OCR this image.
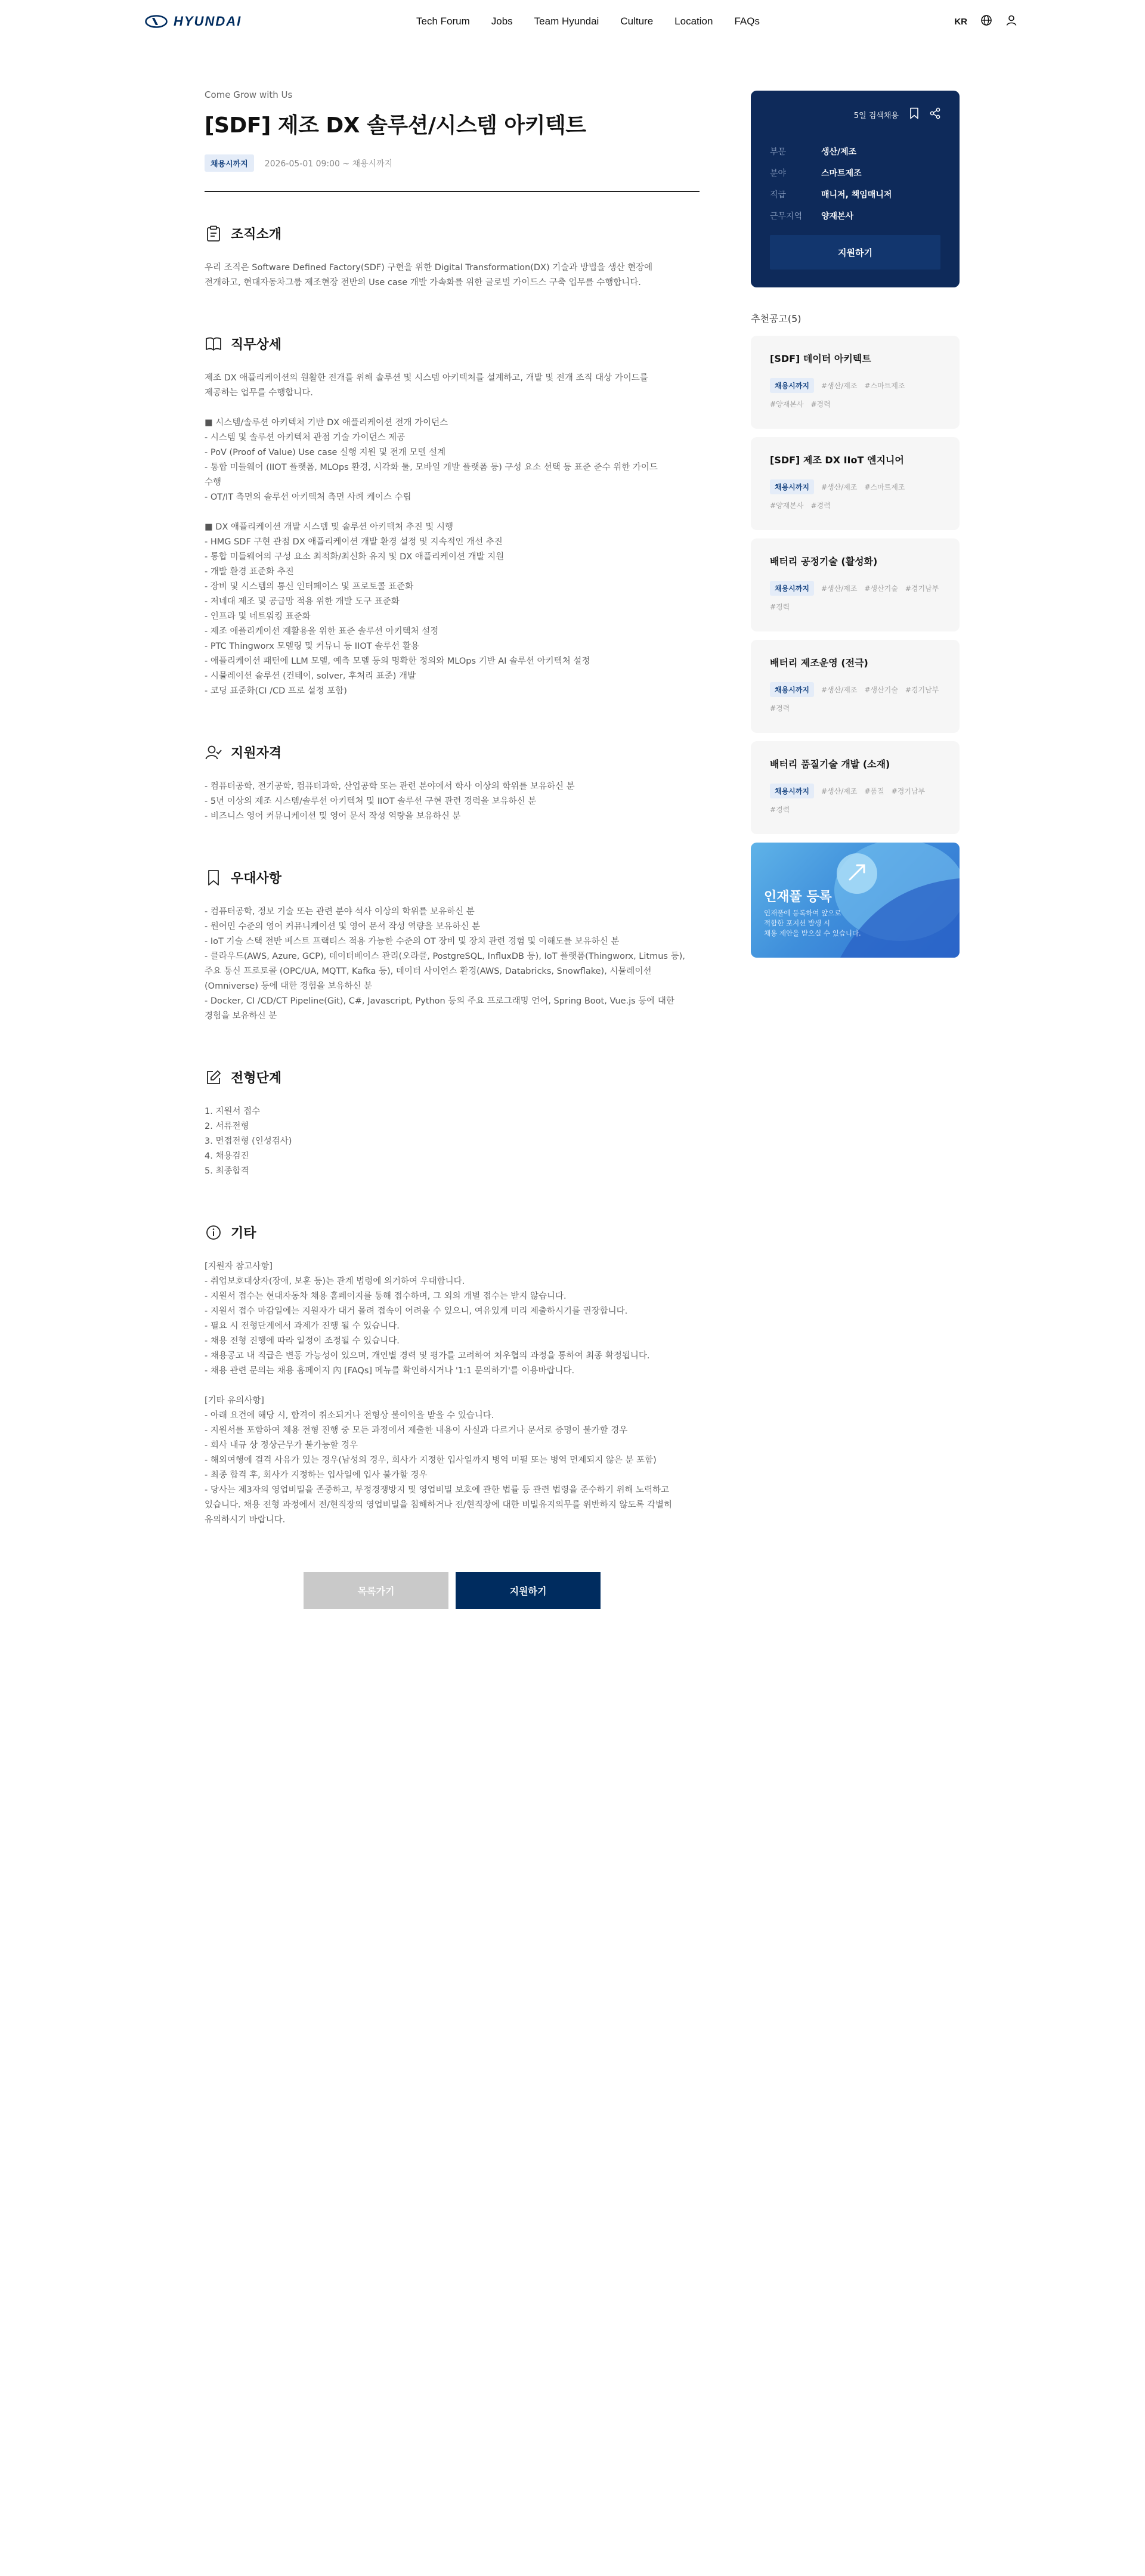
HYUNDAI	Tech Forum Jobs Team Hyundai Culture Location FAQs	KR
Come Grow with Us
[SDF] 제조 DX 솔루션/시스템 아키텍트
채용시까지	2026-05-01 09:00 ~ 채용시까지
조직소개

우리 조직은 Software Defined Factory(SDF) 구현을 위한 Digital Transformation(DX) 기술과 방법을 생산 현장에
전개하고, 현대자동차그룹 제조현장 전반의 Use case 개발 가속화를 위한 글로벌 가이드스 구축 업무를 수행합니다.

직무상세

제조 DX 애플리케이션의 원활한 전개를 위해 솔루션 및 시스템 아키텍처를 설계하고, 개발 및 전개 조직 대상 가이드를
제공하는 업무를 수행합니다.

■ 시스템/솔루션 아키텍처 기반 DX 애플리케이션 전개 가이던스
- 시스템 및 솔루션 아키텍처 관점 기술 가이던스 제공
- PoV (Proof of Value) Use case 실행 지원 및 전개 모델 설계
- 통합 미들웨어 (IIOT 플랫폼, MLOps 환경, 시각화 툴, 모바일 개발 플랫폼 등) 구성 요소 선택 등 표준 준수 위한 가이드
수행
- OT/IT 측면의 솔루션 아키텍처 측면 사례 케이스 수립

■ DX 애플리케이션 개발 시스템 및 솔루션 아키텍처 추진 및 시행
- HMG SDF 구현 관점 DX 애플리케이션 개발 환경 설정 및 지속적인 개선 추진
- 통합 미들웨어의 구성 요소 최적화/최신화 유지 및 DX 애플리케이션 개발 지원
- 개발 환경 표준화 추진
- 장비 및 시스템의 통신 인터페이스 및 프로토콜 표준화
- 저네대 제조 및 공급망 적용 위한 개발 도구 표준화
- 인프라 및 네트워킹 표준화
- 제조 애플리케이션 재활용을 위한 표준 솔루션 아키텍처 설정
- PTC Thingworx 모델링 및 커뮤니 등 IIOT 솔루션 활용
- 애플리케이션 패턴에 LLM 모델, 예측 모델 등의 명확한 정의와 MLOps 기반 AI 솔루션 아키텍처 설정
- 시뮬레이션 솔루션 (컨테이, solver, 후처리 표준) 개발
- 코딩 표준화(CI /CD 프로 설정 포함)

지원자격

- 컴퓨터공학, 전기공학, 컴퓨터과학, 산업공학 또는 관련 분야에서 학사 이상의 학위를 보유하신 분
- 5년 이상의 제조 시스템/솔루션 아키텍처 및 IIOT 솔루션 구현 관련 경력을 보유하신 분
- 비즈니스 영어 커뮤니케이션 및 영어 문서 작성 역량을 보유하신 분

우대사항

- 컴퓨터공학, 정보 기술 또는 관련 분야 석사 이상의 학위를 보유하신 분
- 원어민 수준의 영어 커뮤니케이션 및 영어 문서 작성 역량을 보유하신 분
- IoT 기술 스택 전반 베스트 프랙티스 적용 가능한 수준의 OT 장비 및 장치 관련 경험 및 이해도를 보유하신 분
- 클라우드(AWS, Azure, GCP), 데이터베이스 관리(오라클, PostgreSQL, InfluxDB 등), IoT 플랫폼(Thingworx, Litmus 등),
주요 통신 프로토콜 (OPC/UA, MQTT, Kafka 등), 데이터 사이언스 환경(AWS, Databricks, Snowflake), 시뮬레이션
(Omniverse) 등에 대한 경험을 보유하신 분
- Docker, CI /CD/CT Pipeline(Git), C#, Javascript, Python 등의 주요 프로그래밍 언어, Spring Boot, Vue.js 등에 대한
경험을 보유하신 분

전형단계

1. 지원서 접수
2. 서류전형
3. 면접전형 (인성검사)
4. 채용검진
5. 최종합격

기타

[지원자 참고사항]
- 취업보호대상자(장애, 보훈 등)는 관계 법령에 의거하여 우대합니다.
- 지원서 접수는 현대자동차 채용 홈페이지를 통해 접수하며, 그 외의 개별 접수는 받지 않습니다.
- 지원서 접수 마감일에는 지원자가 대거 몰려 접속이 어려울 수 있으니, 여유있게 미리 제출하시기를 권장합니다.
- 필요 시 전형단계에서 과제가 진행 될 수 있습니다.
- 채용 전형 진행에 따라 일정이 조정될 수 있습니다.
- 채용공고 내 직급은 변동 가능성이 있으며, 개인별 경력 및 평가를 고려하여 처우협의 과정을 통하여 최종 확정됩니다.
- 채용 관련 문의는 채용 홈페이지 內 [FAQs] 메뉴를 확인하시거나 '1:1 문의하기'를 이용바랍니다.

[기타 유의사항]
- 아래 요건에 해당 시, 합격이 취소되거나 전형상 불이익을 받을 수 있습니다.
- 지원서를 포함하여 채용 전형 진행 중 모든 과정에서 제출한 내용이 사실과 다르거나 문서로 증명이 불가할 경우
- 회사 내규 상 정상근무가 불가능할 경우
- 해외여행에 결격 사유가 있는 경우(남성의 경우, 회사가 지정한 입사일까지 병역 미필 또는 병역 면제되지 않은 분 포함)
- 최종 합격 후, 회사가 지정하는 입사일에 입사 불가할 경우
- 당사는 제3자의 영업비밀을 존중하고, 부정경쟁방지 및 영업비밀 보호에 관한 법률 등 관련 법령을 준수하기 위해 노력하고
있습니다. 채용 전형 과정에서 전/현직장의 영업비밀을 침해하거나 전/현직장에 대한 비밀유지의무를 위반하지 않도록 각별히
유의하시기 바랍니다.

목록가기	지원하기
5일 검색채용
부문	생산/제조
분야	스마트제조
직급	매니저, 책임매니저
근무지역	양재본사
지원하기
추천공고(5)
[SDF] 데이터 아키텍트
채용시까지	#생산/제조 #스마트제조
#양재본사 #경력
[SDF] 제조 DX IIoT 엔지니어
채용시까지	#생산/제조 #스마트제조
#양재본사 #경력
배터리 공정기술 (활성화)
채용시까지	#생산/제조 #생산기술 #경기남부
#경력
배터리 제조운영 (전극)
채용시까지	#생산/제조 #생산기술 #경기남부
#경력
배터리 품질기술 개발 (소재)
채용시까지	#생산/제조 #품질 #경기남부
#경력
인재풀 등록
인재풀에 등록하여 앞으로
적합한 포지션 발생 시
채용 제안을 받으실 수 있습니다.
